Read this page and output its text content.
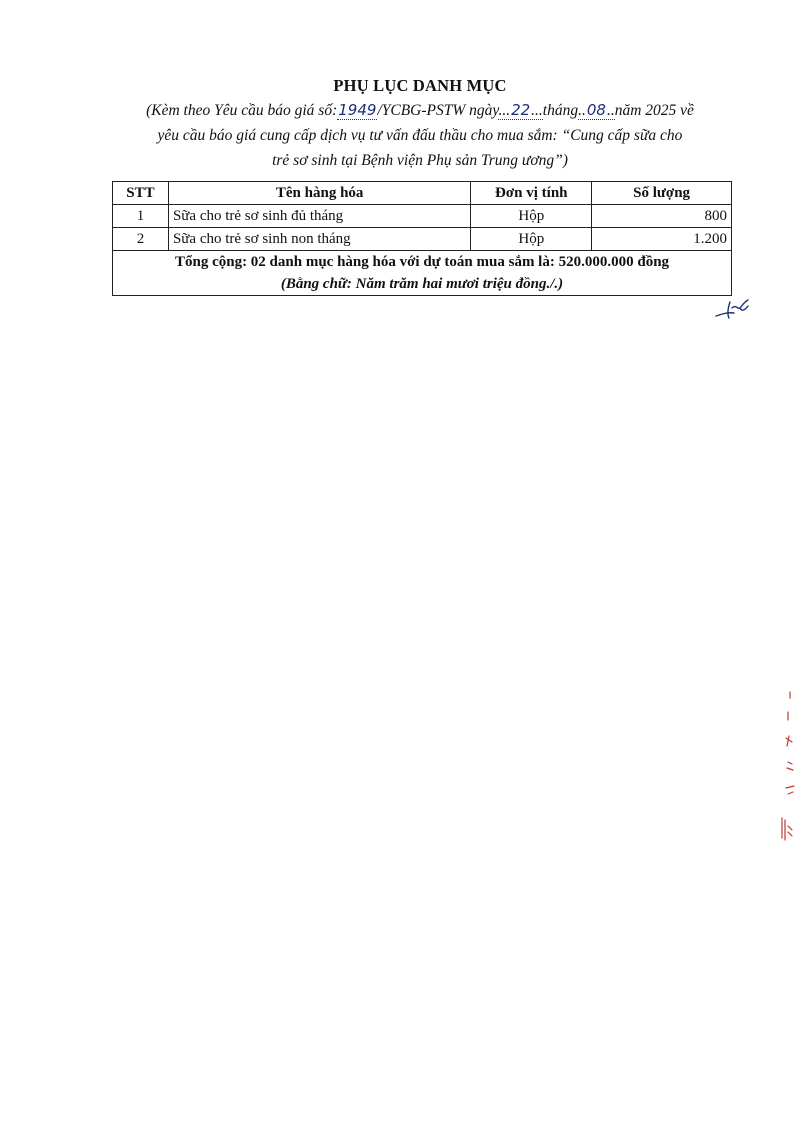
PHỤ LỤC DANH MỤC
(Kèm theo Yêu cầu báo giá số:1949/YCBG-PSTW ngày...22...tháng..08..năm 2025 về
yêu cầu báo giá cung cấp dịch vụ tư vấn đấu thầu cho mua sắm: “Cung cấp sữa cho
trẻ sơ sinh tại Bệnh viện Phụ sản Trung ương”)
STT	Tên hàng hóa	Đơn vị tính	Số lượng
1	Sữa cho trẻ sơ sinh đủ tháng	Hộp	800
2	Sữa cho trẻ sơ sinh non tháng	Hộp	1.200

Tổng cộng: 02 danh mục hàng hóa với dự toán mua sắm là: 520.000.000 đồng
(Bằng chữ: Năm trăm hai mươi triệu đồng./.)			
